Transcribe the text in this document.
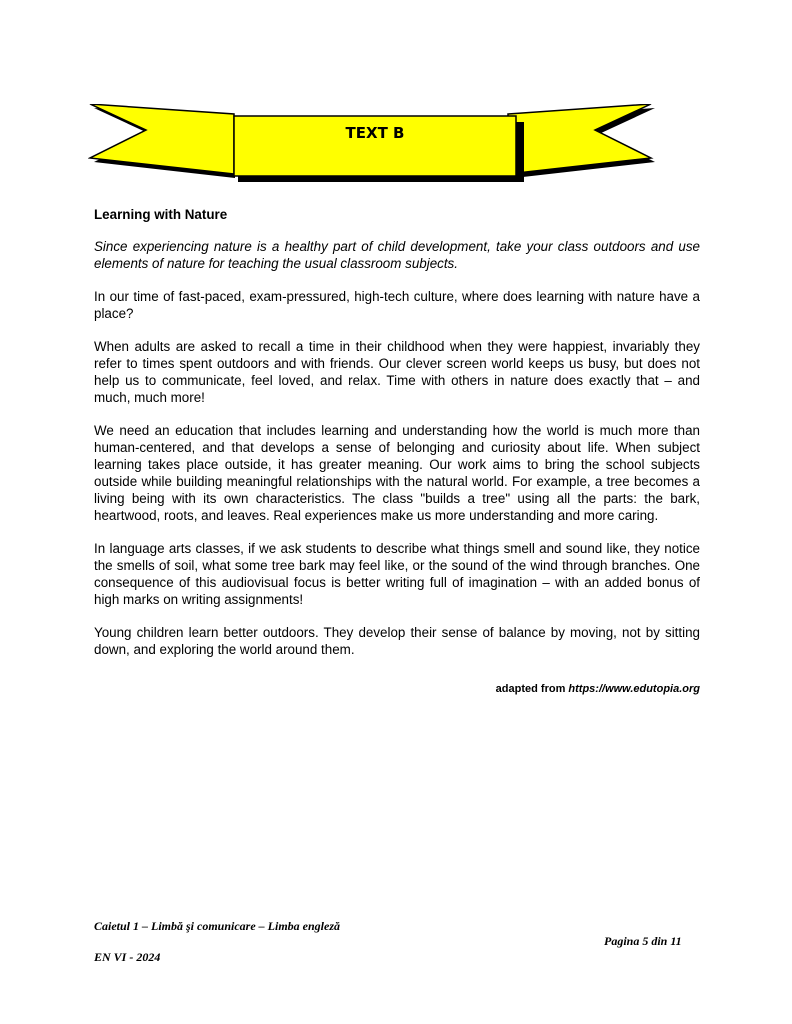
TEXT B
Learning with Nature

Since experiencing nature is a healthy part of child development, take your class outdoors and use elements of nature for teaching the usual classroom subjects.

In our time of fast-paced, exam-pressured, high-tech culture, where does learning with nature have a place?

When adults are asked to recall a time in their childhood when they were happiest, invariably they refer to times spent outdoors and with friends. Our clever screen world keeps us busy, but does not help us to communicate, feel loved, and relax. Time with others in nature does exactly that – and much, much more!

We need an education that includes learning and understanding how the world is much more than human-centered, and that develops a sense of belonging and curiosity about life. When subject learning takes place outside, it has greater meaning. Our work aims to bring the school subjects outside while building meaningful relationships with the natural world. For example, a tree becomes a living being with its own characteristics. The class "builds a tree" using all the parts: the bark, heartwood, roots, and leaves. Real experiences make us more understanding and more caring.

In language arts classes, if we ask students to describe what things smell and sound like, they notice the smells of soil, what some tree bark may feel like, or the sound of the wind through branches. One consequence of this audiovisual focus is better writing full of imagination – with an added bonus of high marks on writing assignments!

Young children learn better outdoors. They develop their sense of balance by moving, not by sitting down, and exploring the world around them.

adapted from https://www.edutopia.org
Caietul 1 – Limbă şi comunicare – Limba engleză
Pagina 5 din 11
EN VI - 2024
